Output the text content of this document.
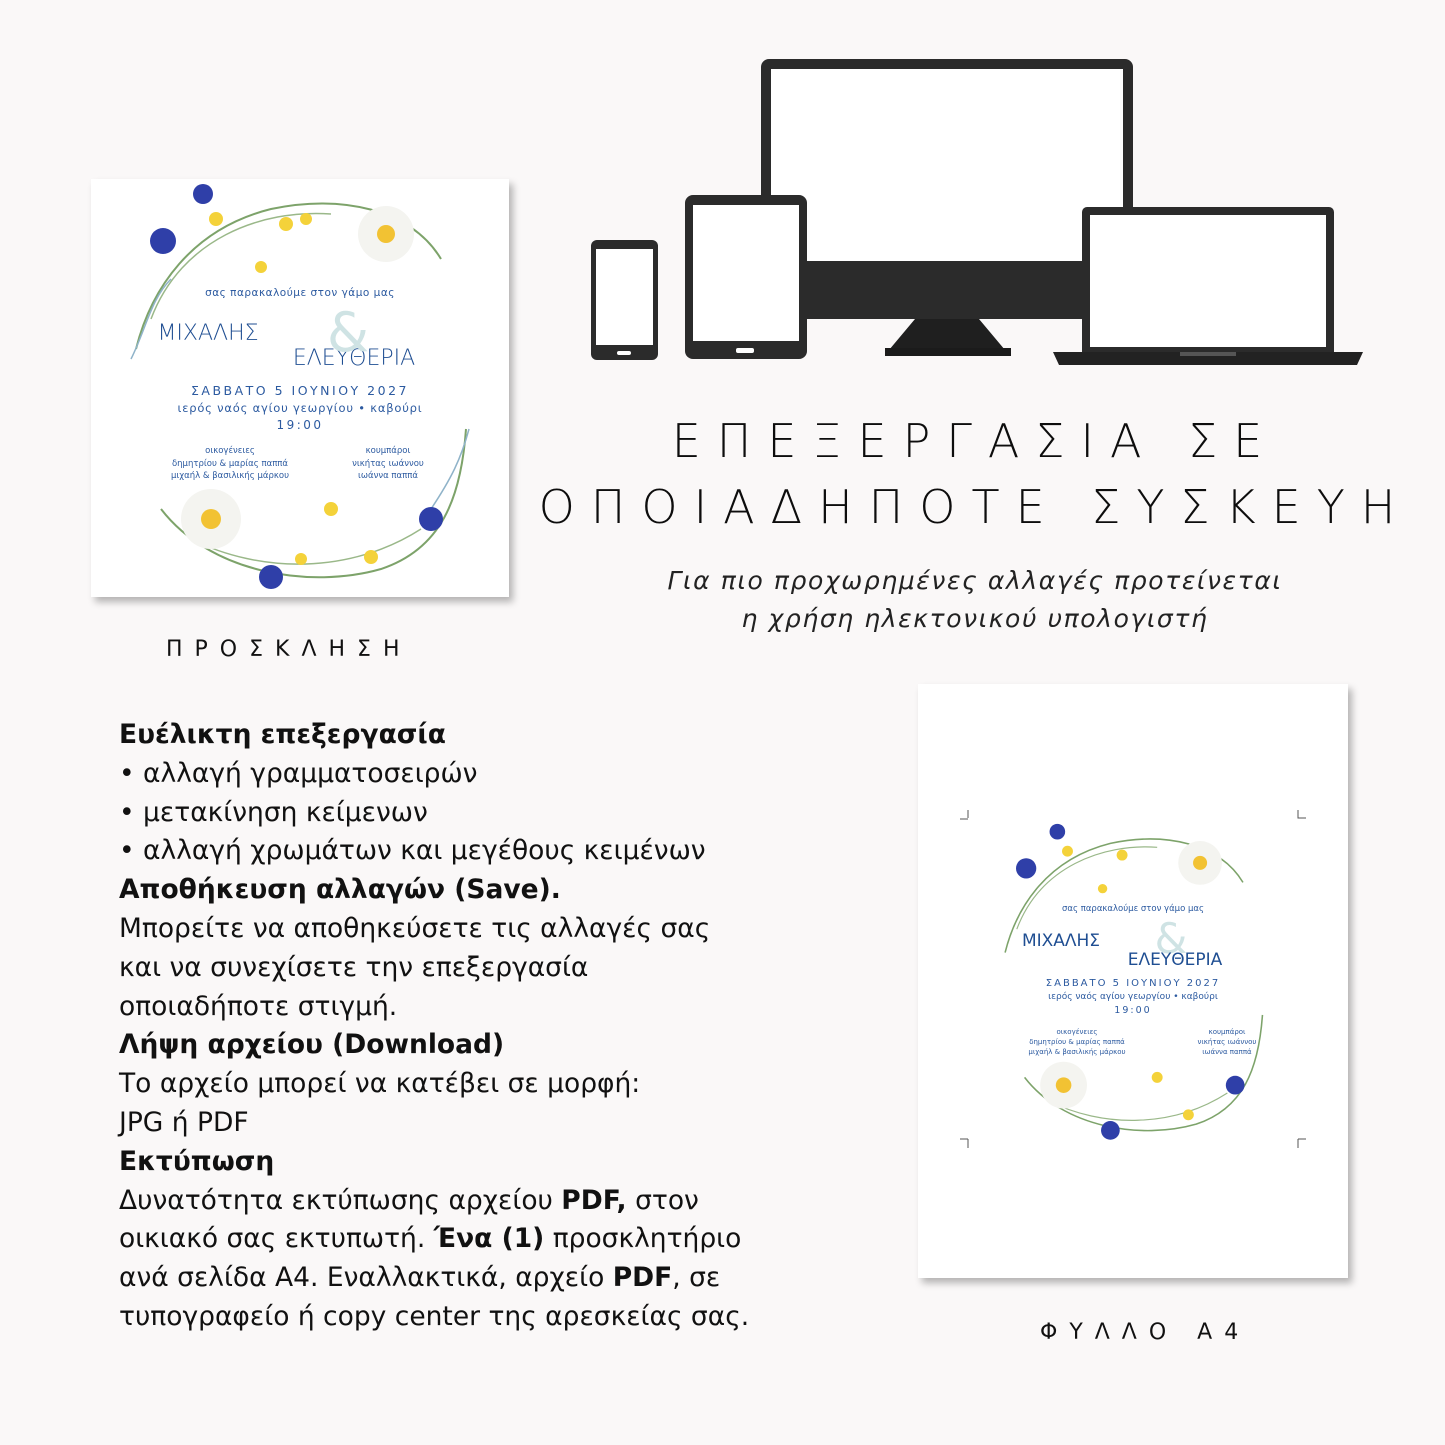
σας παρακαλούμε στον γάμο μας
ΜΙΧΑΛΗΣ
ΕΛΕΥΘΕΡΙΑ
&
ΣΑΒΒΑΤΟ 5 ΙΟΥΝΙΟΥ 2027
ιερός ναός αγίου γεωργίου • καβούρι
19:00
οικογένειες
δημητρίου & μαρίας παππά
μιχαήλ & βασιλικής μάρκου
κουμπάροι
νικήτας ιωάννου
ιωάννα παππά
ΠΡΟΣΚΛΗΣΗ
ΕΠΕΞΕΡΓΑΣΙΑ ΣΕ
ΟΠΟΙΑΔΗΠΟΤΕ ΣΥΣΚΕΥΗ
Για πιο προχωρημένες αλλαγές προτείνεται
η χρήση ηλεκτονικού υπολογιστή
Ευέλικτη επεξεργασία
• αλλαγή γραμματοσειρών
• μετακίνηση κείμενων
• αλλαγή χρωμάτων και μεγέθους κειμένων
Αποθήκευση αλλαγών (Save).
Μπορείτε να αποθηκεύσετε τις αλλαγές σας
και να συνεχίσετε την επεξεργασία
οποιαδήποτε στιγμή.
Λήψη αρχείου (Download)
Το αρχείο μπορεί να κατέβει σε μορφή:
JPG ή PDF
Εκτύπωση
Δυνατότητα εκτύπωσης αρχείου PDF, στον
οικιακό σας εκτυπωτή. Ένα (1) προσκλητήριο
ανά σελίδα Α4. Εναλλακτικά, αρχείο PDF, σε
τυπογραφείο ή copy center της αρεσκείας σας.
σας παρακαλούμε στον γάμο μας
&
ΜΙΧΑΛΗΣ
ΕΛΕΥΘΕΡΙΑ
ΣΑΒΒΑΤΟ 5 ΙΟΥΝΙΟΥ 2027
ιερός ναός αγίου γεωργίου • καβούρι
19:00
οικογένειες
δημητρίου & μαρίας παππά
μιχαήλ & βασιλικής μάρκου
κουμπάροι
νικήτας ιωάννου
ιωάννα παππά
ΦΥΛΛΟ Α4
